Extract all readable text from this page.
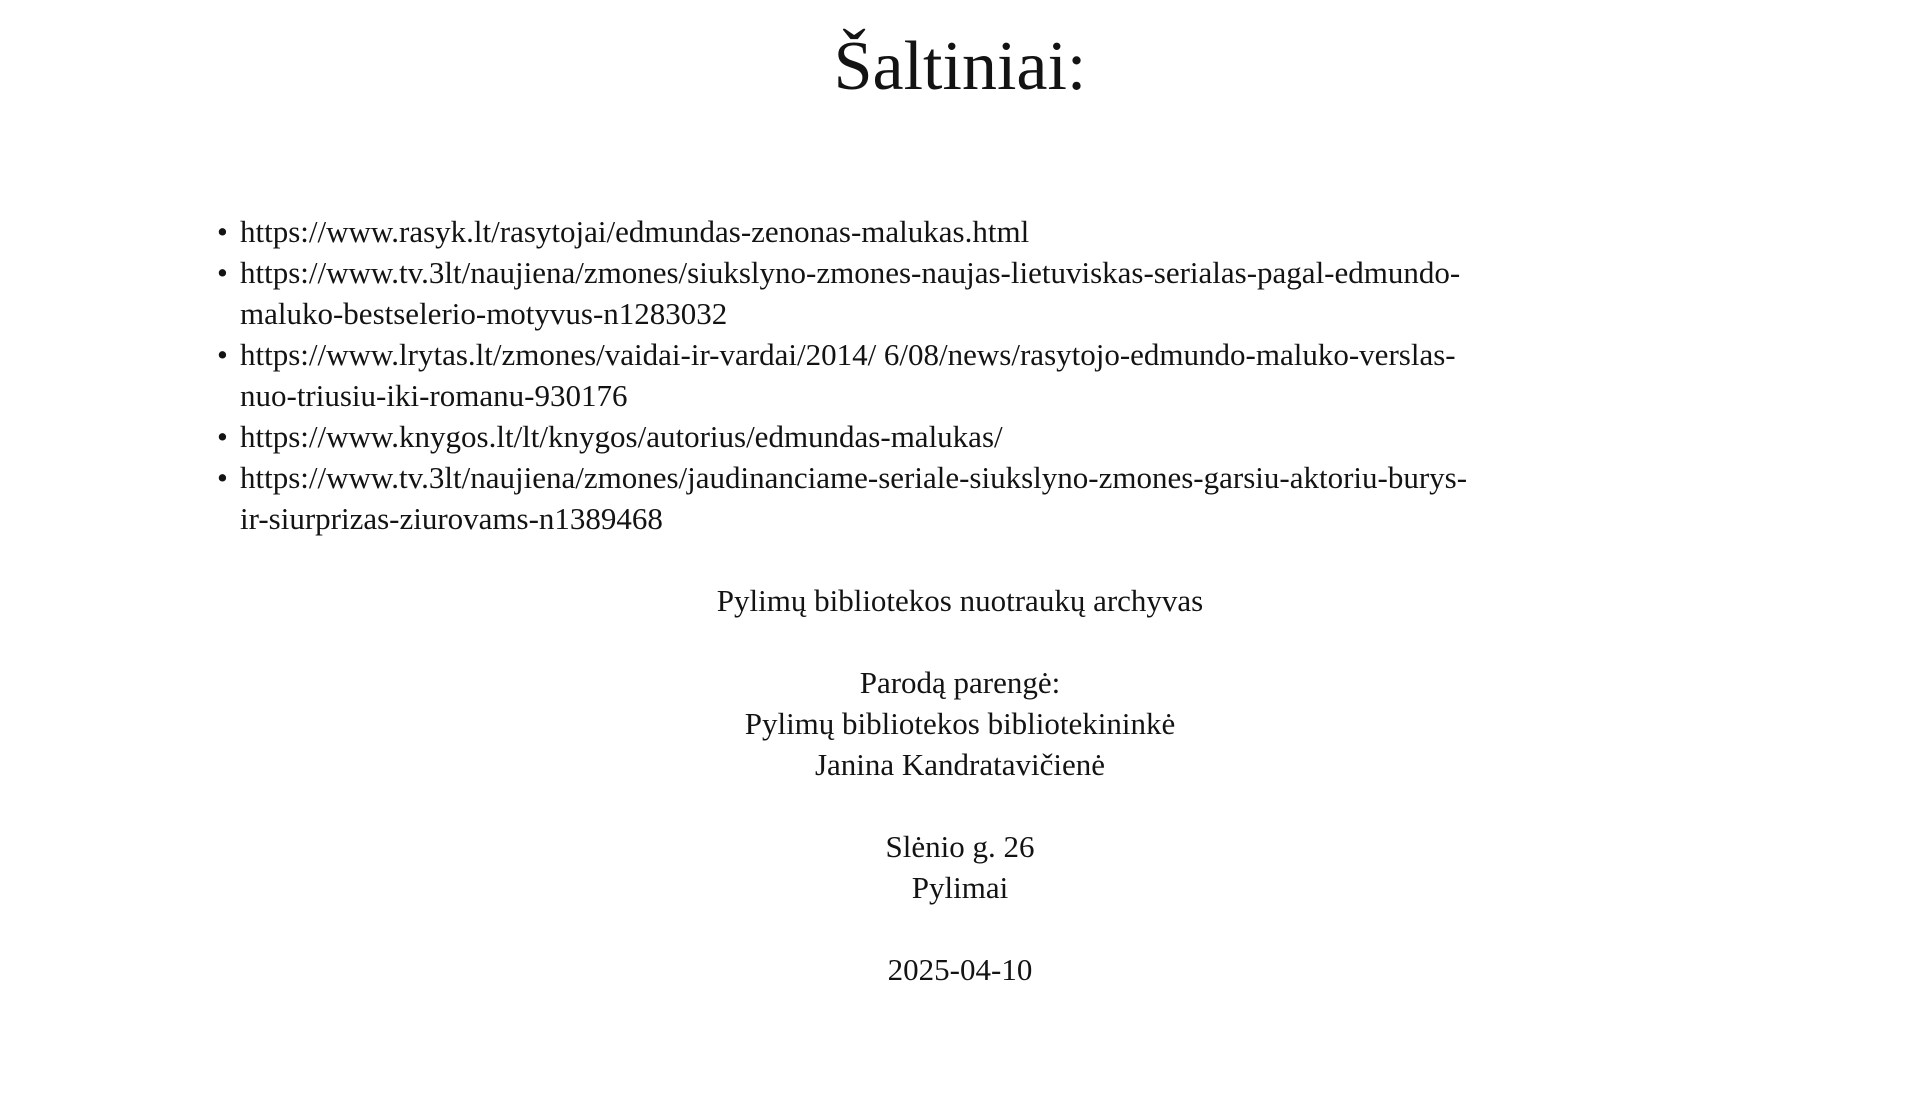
Šaltiniai:
• https://www.rasyk.lt/rasytojai/edmundas-zenonas-malukas.html
• https://www.tv.3lt/naujiena/zmones/siukslyno-zmones-naujas-lietuviskas-serialas-pagal-edmundo-maluko-bestselerio-motyvus-n1283032
• https://www.lrytas.lt/zmones/vaidai-ir-vardai/2014/ 6/08/news/rasytojo-edmundo-maluko-verslas-nuo-triusiu-iki-romanu-930176
• https://www.knygos.lt/lt/knygos/autorius/edmundas-malukas/
• https://www.tv.3lt/naujiena/zmones/jaudinanciame-seriale-siukslyno-zmones-garsiu-aktoriu-burys-ir-siurprizas-ziurovams-n1389468

Pylimų bibliotekos nuotraukų archyvas

Parodą parengė:
Pylimų bibliotekos bibliotekininkė
Janina Kandratavičienė

Slėnio g. 26
Pylimai

2025-04-10
